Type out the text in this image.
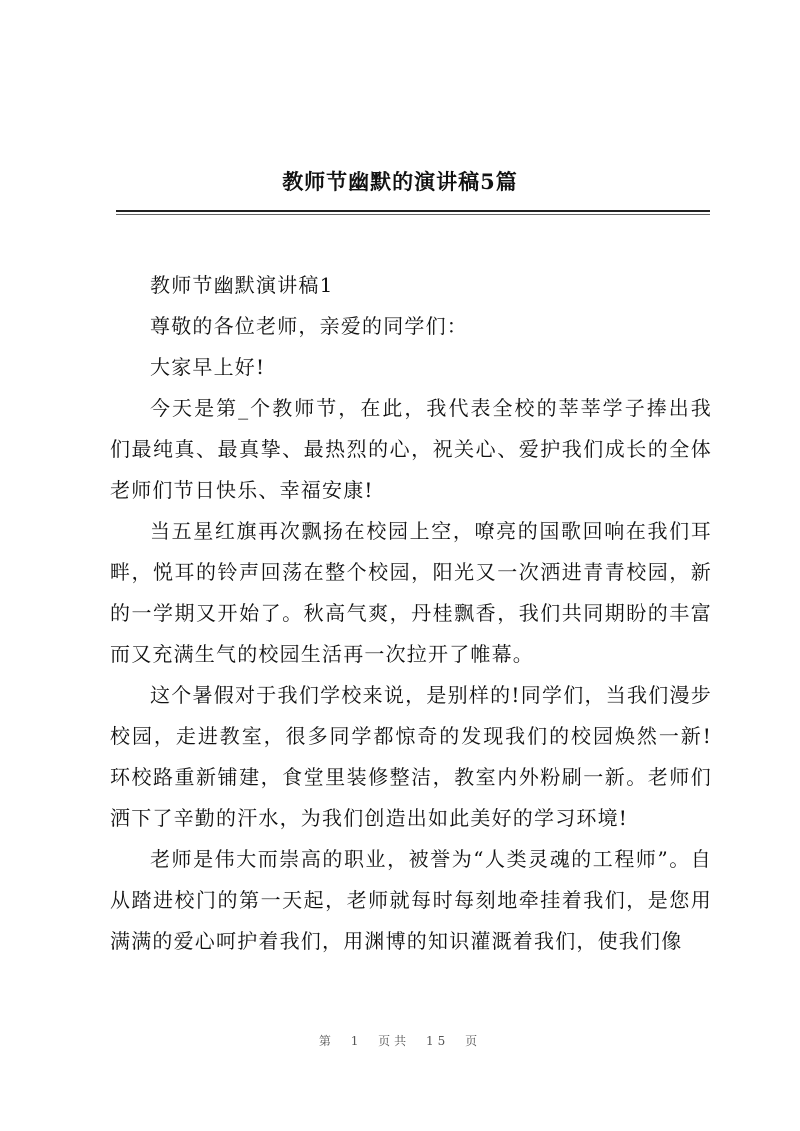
教师节幽默的演讲稿5篇

教师节幽默演讲稿1

尊敬的各位老师，亲爱的同学们：

大家早上好!

今天是第_个教师节，在此，我代表全校的莘莘学子捧出我们最纯真、最真挚、最热烈的心，祝关心、爱护我们成长的全体老师们节日快乐、幸福安康!

当五星红旗再次飘扬在校园上空，嘹亮的国歌回响在我们耳畔，悦耳的铃声回荡在整个校园，阳光又一次洒进青青校园，新的一学期又开始了。秋高气爽，丹桂飘香，我们共同期盼的丰富而又充满生气的校园生活再一次拉开了帷幕。

这个暑假对于我们学校来说，是别样的!同学们，当我们漫步校园，走进教室，很多同学都惊奇的发现我们的校园焕然一新!环校路重新铺建，食堂里装修整洁，教室内外粉刷一新。老师们洒下了辛勤的汗水，为我们创造出如此美好的学习环境!

老师是伟大而崇高的职业，被誉为“人类灵魂的工程师”。自从踏进校门的第一天起，老师就每时每刻地牵挂着我们，是您用满满的爱心呵护着我们，用渊博的知识灌溉着我们，使我们像

第 1 页共 15 页
